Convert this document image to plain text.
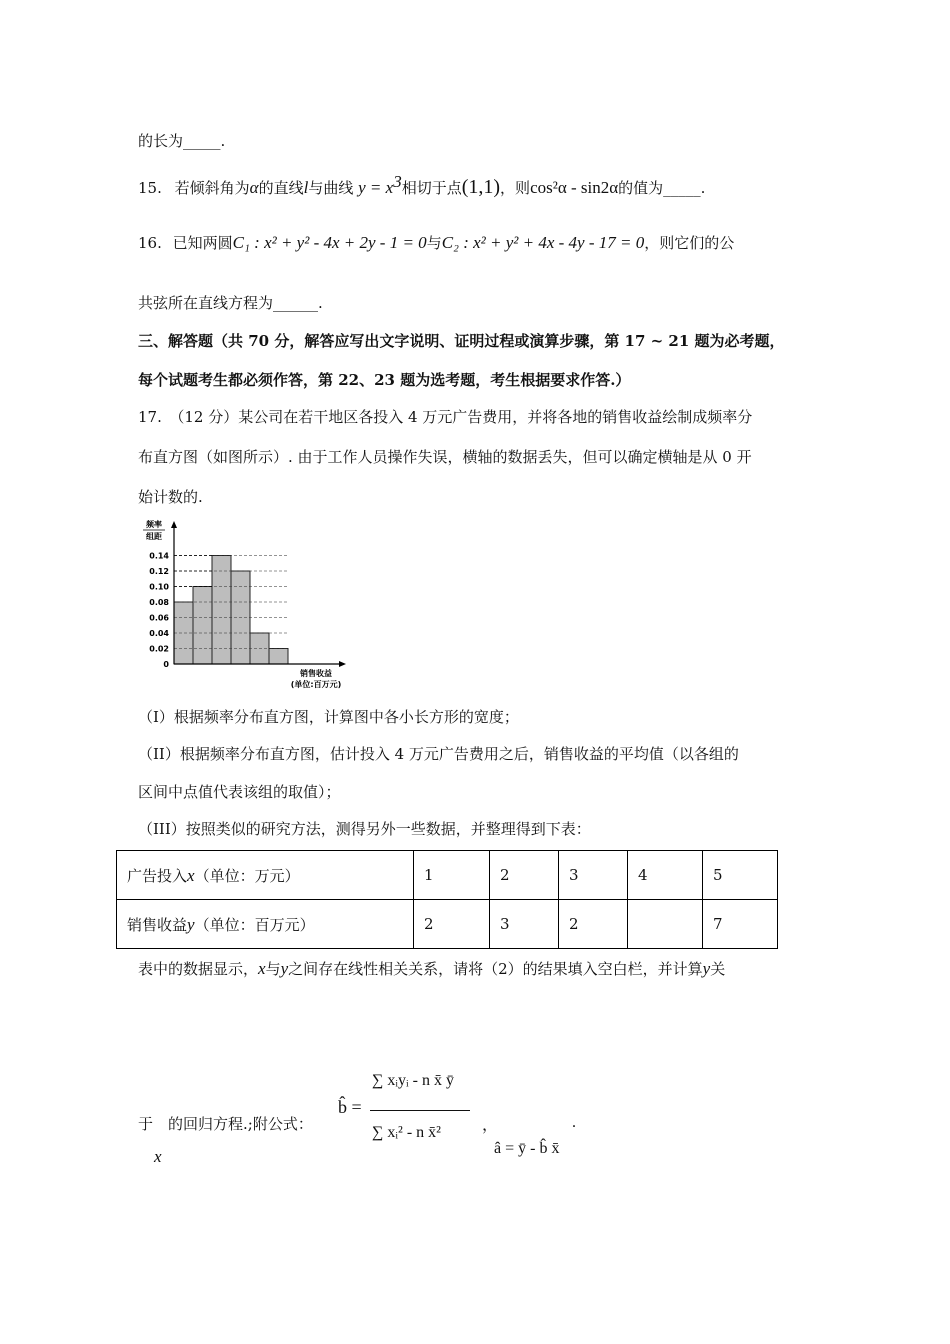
的长为_____.
15. 若倾斜角为α的直线l与曲线 $y = x^3$相切于点(1,1)，则cos²α - sin2α的值为_____.
16. 已知两圆C₁ : x² + y² - 4x + 2y - 1 = 0与C₂ : x² + y² + 4x - 4y - 17 = 0，则它们的公
共弦所在直线方程为______.
三、解答题（共 70 分，解答应写出文字说明、证明过程或演算步骤，第 17 ~ 21 题为必考题，
每个试题考生都必须作答，第 22、23 题为选考题，考生根据要求作答.）
17.　（12 分）某公司在若干地区各投入 4 万元广告费用，并将各地的销售收益绘制成频率分
布直方图（如图所示）. 由于工作人员操作失误，横轴的数据丢失，但可以确定横轴是从 0 开
始计数的.
0.14
0.12
0.10
0.08
0.06
0.04
0.02
0
频率
组距
销售收益
(单位:百万元)
（I）根据频率分布直方图，计算图中各小长方形的宽度；
（II）根据频率分布直方图，估计投入 4 万元广告费用之后，销售收益的平均值（以各组的
区间中点值代表该组的取值）；
（III）按照类似的研究方法，测得另外一些数据，并整理得到下表：
广告投入x（单位：万元）	1	2	3	4	5
销售收益y（单位：百万元）	2	3	2		7
表中的数据显示，x与y之间存在线性相关关系，请将（2）的结果填入空白栏，并计算y关
于　的回归方程.;附公式：
x
b̂ =
∑ xᵢyᵢ - n x̄ ȳ
∑ xᵢ² - n x̄²	，
â = ȳ - b̂ x̄
.
